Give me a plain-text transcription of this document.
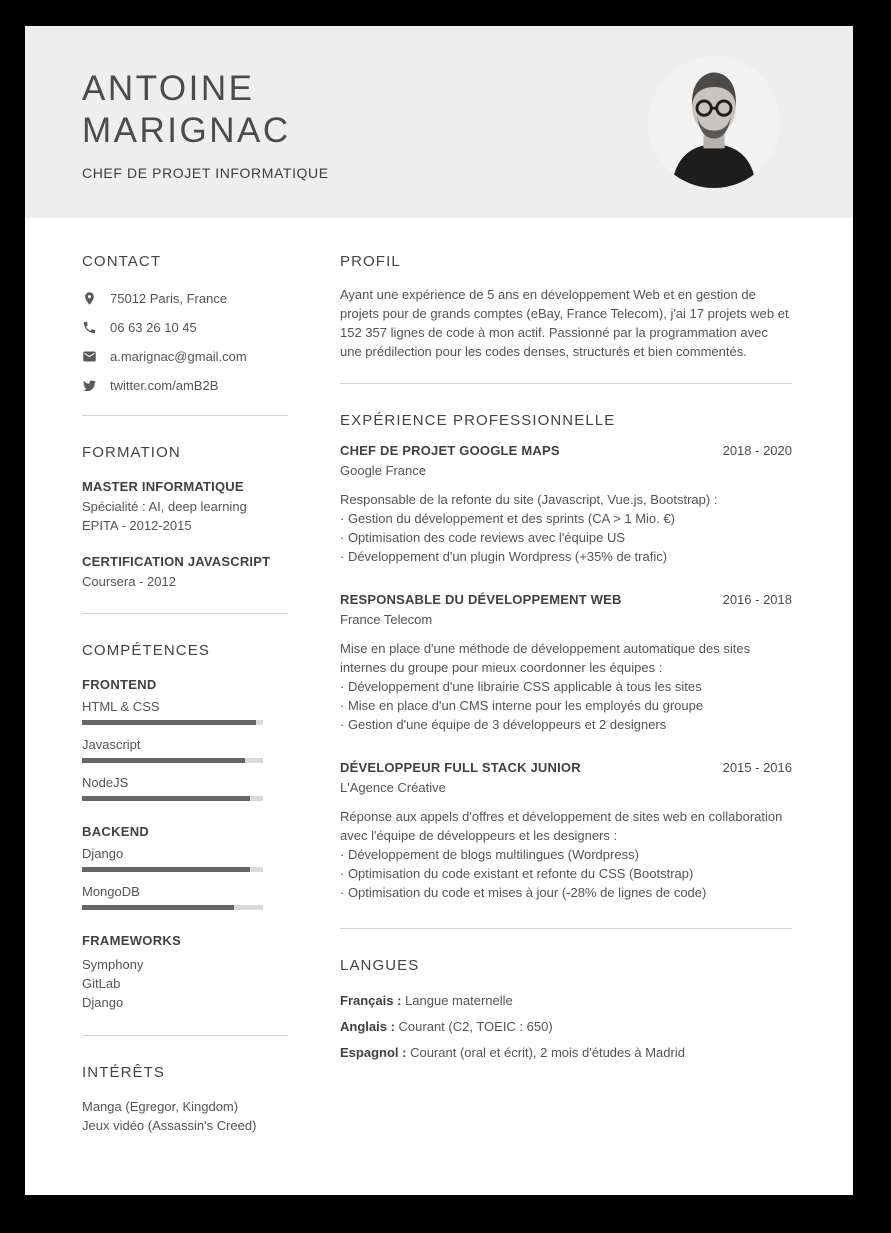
ANTOINE
MARIGNAC
CHEF DE PROJET INFORMATIQUE
CONTACT
75012 Paris, France
06 63 26 10 45
a.marignac@gmail.com
twitter.com/amB2B
FORMATION
MASTER INFORMATIQUE
Spécialité : AI, deep learning
EPITA - 2012-2015
CERTIFICATION JAVASCRIPT
Coursera - 2012
COMPÉTENCES
FRONTEND
HTML & CSS
Javascript
NodeJS
BACKEND
Django
MongoDB
FRAMEWORKS
Symphony
GitLab
Django
INTÉRÊTS
Manga (Egregor, Kingdom)
Jeux vidéo (Assassin's Creed)
PROFIL

Ayant une expérience de 5 ans en développement Web et en gestion de projets pour de grands comptes (eBay, France Telecom), j'ai 17 projets web et 152 357 lignes de code à mon actif. Passionné par la programmation avec une prédilection pour les codes denses, structurés et bien commentés.

EXPÉRIENCE PROFESSIONNELLE
CHEF DE PROJET GOOGLE MAPS	2018 - 2020
Google France
Responsable de la refonte du site (Javascript, Vue.js, Bootstrap) :
· Gestion du développement et des sprints (CA > 1 Mio. €)
· Optimisation des code reviews avec l'équipe US
· Développement d'un plugin Wordpress (+35% de trafic)
RESPONSABLE DU DÉVELOPPEMENT WEB	2016 - 2018
France Telecom
Mise en place d'une méthode de développement automatique des sites internes du groupe pour mieux coordonner les équipes :
· Développement d'une librairie CSS applicable à tous les sites
· Mise en place d'un CMS interne pour les employés du groupe
· Gestion d'une équipe de 3 développeurs et 2 designers
DÉVELOPPEUR FULL STACK JUNIOR	2015 - 2016
L'Agence Créative
Réponse aux appels d'offres et développement de sites web en collaboration avec l'équipe de développeurs et les designers :
· Développement de blogs multilingues (Wordpress)
· Optimisation du code existant et refonte du CSS (Bootstrap)
· Optimisation du code et mises à jour (-28% de lignes de code)
LANGUES
Français : Langue maternelle
Anglais : Courant (C2, TOEIC : 650)
Espagnol : Courant (oral et écrit), 2 mois d'études à Madrid
